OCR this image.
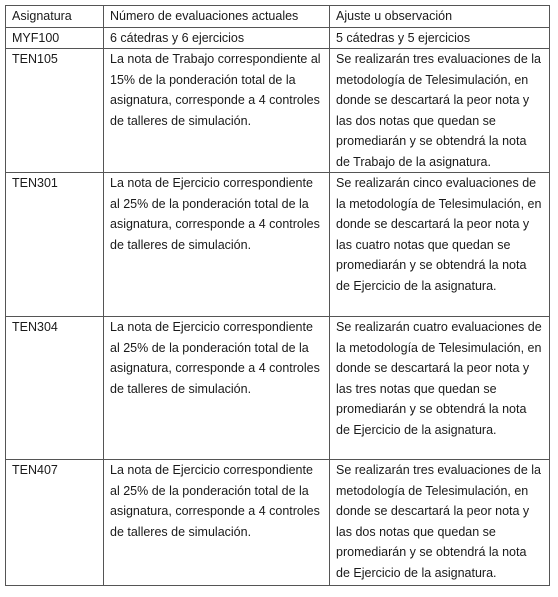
Asignatura	Número de evaluaciones actuales	Ajuste u observación
MYF100	6 cátedras y 6 ejercicios	5 cátedras y 5 ejercicios
TEN105	La nota de Trabajo correspondiente al 15% de la ponderación total de la asignatura, corresponde a 4 controles de talleres de simulación.	Se realizarán tres evaluaciones de la metodología de Telesimulación, en donde se descartará la peor nota y las dos notas que quedan se promediarán y se obtendrá la nota de Trabajo de la asignatura.
TEN301	La nota de Ejercicio correspondiente al 25% de la ponderación total de la asignatura, corresponde a 4 controles de talleres de simulación.	Se realizarán cinco evaluaciones de la metodología de Telesimulación, en donde se descartará la peor nota y las cuatro notas que quedan se promediarán y se obtendrá la nota de Ejercicio de la asignatura.
TEN304	La nota de Ejercicio correspondiente al 25% de la ponderación total de la asignatura, corresponde a 4 controles de talleres de simulación.	Se realizarán cuatro evaluaciones de la metodología de Telesimulación, en donde se descartará la peor nota y las tres notas que quedan se promediarán y se obtendrá la nota de Ejercicio de la asignatura.
TEN407	La nota de Ejercicio correspondiente al 25% de la ponderación total de la asignatura, corresponde a 4 controles de talleres de simulación.	Se realizarán tres evaluaciones de la metodología de Telesimulación, en donde se descartará la peor nota y las dos notas que quedan se promediarán y se obtendrá la nota de Ejercicio de la asignatura.
